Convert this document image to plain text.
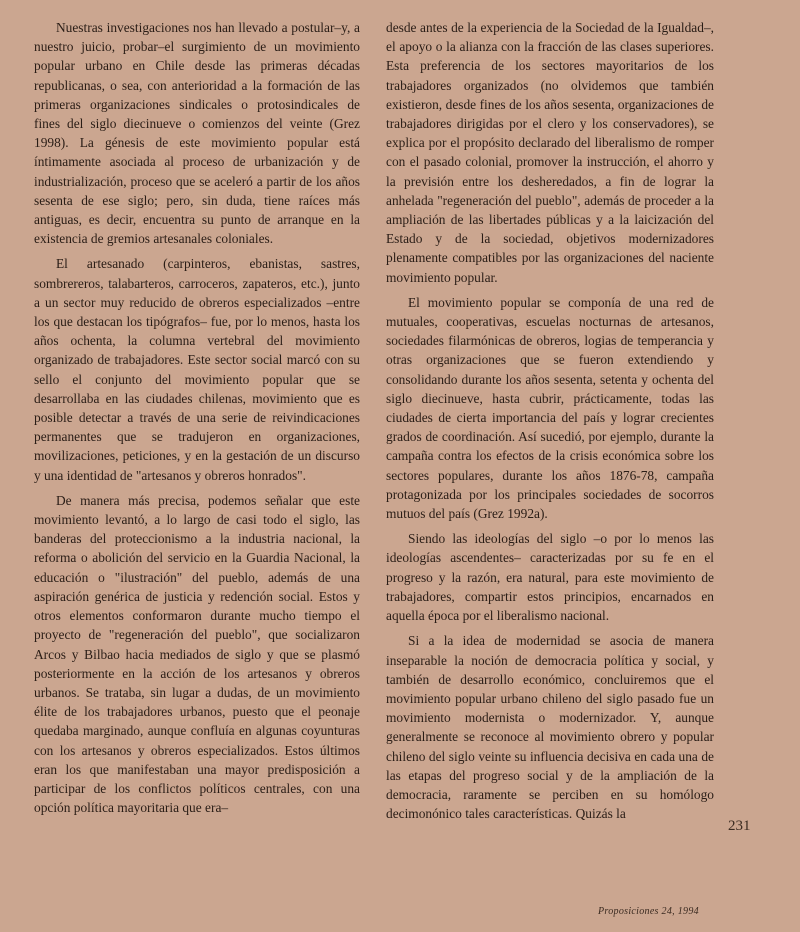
Nuestras investigaciones nos han llevado a postular–y, a nuestro juicio, probar–el surgimiento de un movimiento popular urbano en Chile desde las primeras décadas republicanas, o sea, con anterioridad a la formación de las primeras organizaciones sindicales o protosindicales de fines del siglo diecinueve o comienzos del veinte (Grez 1998). La génesis de este movimiento popular está íntimamente asociada al proceso de urbanización y de industrialización, proceso que se aceleró a partir de los años sesenta de ese siglo; pero, sin duda, tiene raíces más antiguas, es decir, encuentra su punto de arranque en la existencia de gremios artesanales coloniales.

El artesanado (carpinteros, ebanistas, sastres, sombrereros, talabarteros, carroceros, zapateros, etc.), junto a un sector muy reducido de obreros especializados –entre los que destacan los tipógrafos– fue, por lo menos, hasta los años ochenta, la columna vertebral del movimiento organizado de trabajadores. Este sector social marcó con su sello el conjunto del movimiento popular que se desarrollaba en las ciudades chilenas, movimiento que es posible detectar a través de una serie de reivindicaciones permanentes que se tradujeron en organizaciones, movilizaciones, peticiones, y en la gestación de un discurso y una identidad de "artesanos y obreros honrados".

De manera más precisa, podemos señalar que este movimiento levantó, a lo largo de casi todo el siglo, las banderas del proteccionismo a la industria nacional, la reforma o abolición del servicio en la Guardia Nacional, la educación o "ilustración" del pueblo, además de una aspiración genérica de justicia y redención social. Estos y otros elementos conformaron durante mucho tiempo el proyecto de "regeneración del pueblo", que socializaron Arcos y Bilbao hacia mediados de siglo y que se plasmó posteriormente en la acción de los artesanos y obreros urbanos. Se trataba, sin lugar a dudas, de un movimiento élite de los trabajadores urbanos, puesto que el peonaje quedaba marginado, aunque confluía en algunas coyunturas con los artesanos y obreros especializados. Estos últimos eran los que manifestaban una mayor predisposición a participar de los conflictos políticos centrales, con una opción política mayoritaria que era–

desde antes de la experiencia de la Sociedad de la Igualdad–, el apoyo o la alianza con la fracción de las clases superiores. Esta preferencia de los sectores mayoritarios de los trabajadores organizados (no olvidemos que también existieron, desde fines de los años sesenta, organizaciones de trabajadores dirigidas por el clero y los conservadores), se explica por el propósito declarado del liberalismo de romper con el pasado colonial, promover la instrucción, el ahorro y la previsión entre los desheredados, a fin de lograr la anhelada "regeneración del pueblo", además de proceder a la ampliación de las libertades públicas y a la laicización del Estado y de la sociedad, objetivos modernizadores plenamente compatibles por las organizaciones del naciente movimiento popular.

El movimiento popular se componía de una red de mutuales, cooperativas, escuelas nocturnas de artesanos, sociedades filarmónicas de obreros, logias de temperancia y otras organizaciones que se fueron extendiendo y consolidando durante los años sesenta, setenta y ochenta del siglo diecinueve, hasta cubrir, prácticamente, todas las ciudades de cierta importancia del país y lograr crecientes grados de coordinación. Así sucedió, por ejemplo, durante la campaña contra los efectos de la crisis económica sobre los sectores populares, durante los años 1876-78, campaña protagonizada por los principales sociedades de socorros mutuos del país (Grez 1992a).

Siendo las ideologías del siglo –o por lo menos las ideologías ascendentes– caracterizadas por su fe en el progreso y la razón, era natural, para este movimiento de trabajadores, compartir estos principios, encarnados en aquella época por el liberalismo nacional.

Si a la idea de modernidad se asocia de manera inseparable la noción de democracia política y social, y también de desarrollo económico, concluiremos que el movimiento popular urbano chileno del siglo pasado fue un movimiento modernista o modernizador. Y, aunque generalmente se reconoce al movimiento obrero y popular chileno del siglo veinte su influencia decisiva en cada una de las etapas del progreso social y de la ampliación de la democracia, raramente se perciben en su homólogo decimonónico tales características. Quizás la

231
Proposiciones 24, 1994
